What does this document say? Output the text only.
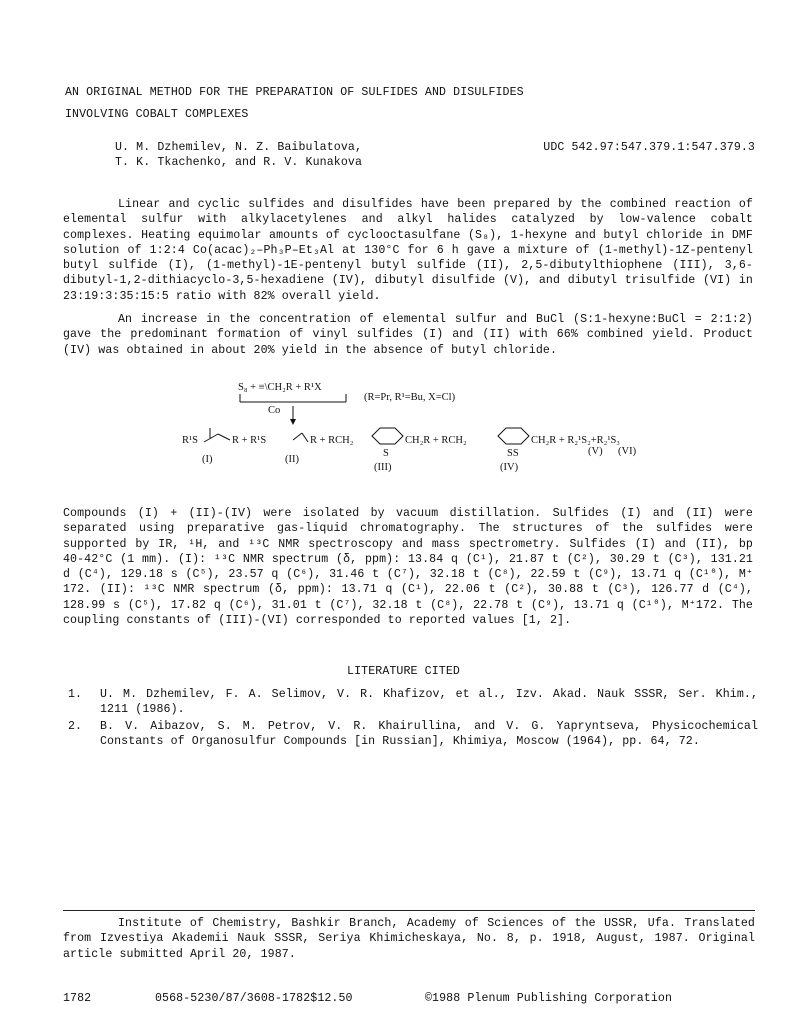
AN ORIGINAL METHOD FOR THE PREPARATION OF SULFIDES AND DISULFIDES
INVOLVING COBALT COMPLEXES
U. M. Dzhemilev, N. Z. Baibulatova,
T. K. Tkachenko, and R. V. Kunakova
UDC 542.97:547.379.1:547.379.3
Linear and cyclic sulfides and disulfides have been prepared by the combined reaction of elemental sulfur with alkylacetylenes and alkyl halides catalyzed by low-valence cobalt complexes. Heating equimolar amounts of cyclooctasulfane (S₈), 1-hexyne and butyl chloride in DMF solution of 1:2:4 Co(acac)₂–Ph₃P–Et₃Al at 130°C for 6 h gave a mixture of (1-methyl)-1Z-pentenyl butyl sulfide (I), (1-methyl)-1E-pentenyl butyl sulfide (II), 2,5-dibutylthiophene (III), 3,6-dibutyl-1,2-dithiacyclo-3,5-hexadiene (IV), dibutyl disulfide (V), and dibutyl trisulfide (VI) in 23:19:3:35:15:5 ratio with 82% overall yield.
An increase in the concentration of elemental sulfur and BuCl (S:1-hexyne:BuCl = 2:1:2) gave the predominant formation of vinyl sulfides (I) and (II) with 66% combined yield. Product (IV) was obtained in about 20% yield in the absence of butyl chloride.
S₈ + ≡\CH₂R + R¹X
(R=Pr, R¹=Bu, X=Cl)
Co
R¹S	R + R¹S	R + RCH₂
S
CH₂R + RCH₂
SS
CH₂R + R₂¹S₂+R₂¹S₃
(I)	(II)
(III)	(IV)
(V) (VI)
Compounds (I) + (II)-(IV) were isolated by vacuum distillation. Sulfides (I) and (II) were separated using preparative gas-liquid chromatography. The structures of the sulfides were supported by IR, ¹H, and ¹³C NMR spectroscopy and mass spectrometry. Sulfides (I) and (II), bp 40-42°C (1 mm). (I): ¹³C NMR spectrum (δ, ppm): 13.84 q (C¹), 21.87 t (C²), 30.29 t (C³), 131.21 d (C⁴), 129.18 s (C⁵), 23.57 q (C⁶), 31.46 t (C⁷), 32.18 t (C⁸), 22.59 t (C⁹), 13.71 q (C¹⁰), M⁺ 172. (II): ¹³C NMR spectrum (δ, ppm): 13.71 q (C¹), 22.06 t (C²), 30.88 t (C³), 126.77 d (C⁴), 128.99 s (C⁵), 17.82 q (C⁶), 31.01 t (C⁷), 32.18 t (C⁸), 22.78 t (C⁹), 13.71 q (C¹⁰), M⁺172. The coupling constants of (III)-(VI) corresponded to reported values [1, 2].
LITERATURE CITED
1. U. M. Dzhemilev, F. A. Selimov, V. R. Khafizov, et al., Izv. Akad. Nauk SSSR, Ser. Khim., 1211 (1986).
2. B. V. Aibazov, S. M. Petrov, V. R. Khairullina, and V. G. Yapryntseva, Physicochemical Constants of Organosulfur Compounds [in Russian], Khimiya, Moscow (1964), pp. 64, 72.
Institute of Chemistry, Bashkir Branch, Academy of Sciences of the USSR, Ufa. Translated from Izvestiya Akademii Nauk SSSR, Seriya Khimicheskaya, No. 8, p. 1918, August, 1987. Original article submitted April 20, 1987.
1782	0568-5230/87/3608-1782$12.50	©1988 Plenum Publishing Corporation
